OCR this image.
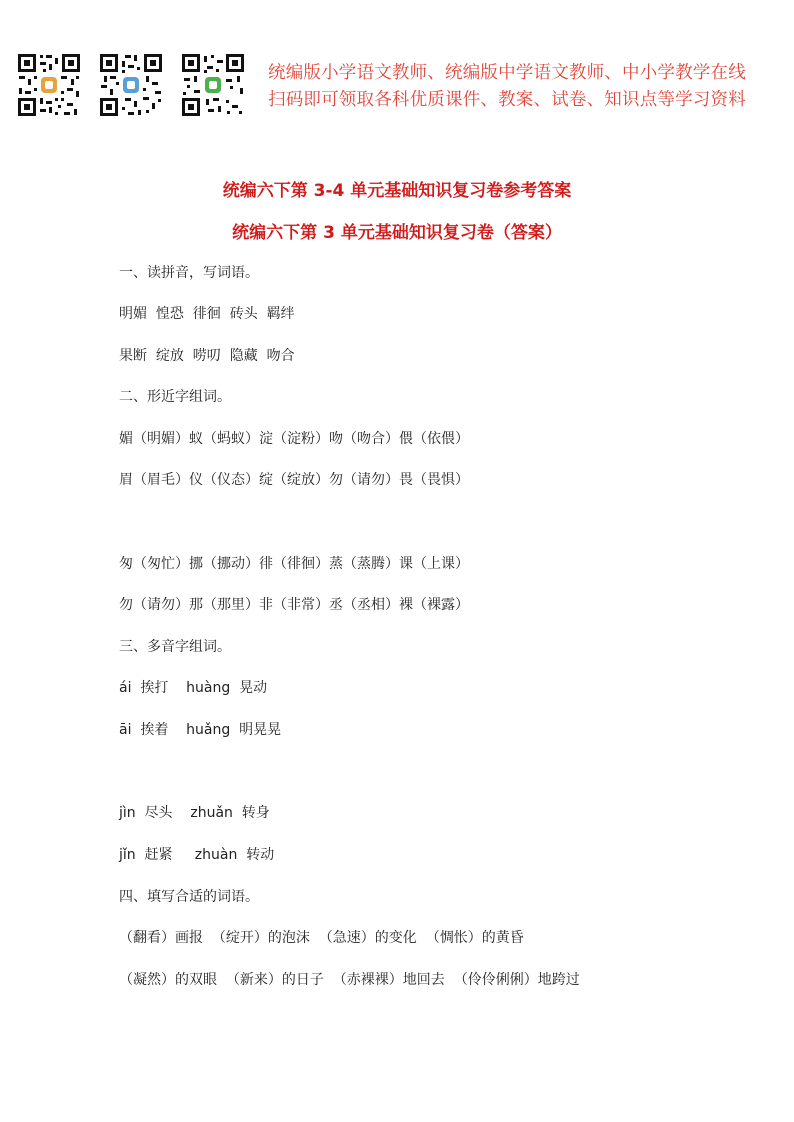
统编版小学语文教师、统编版中学语文教师、中小学教学在线
扫码即可领取各科优质课件、教案、试卷、知识点等学习资料
统编六下第 3-4 单元基础知识复习卷参考答案
统编六下第 3 单元基础知识复习卷（答案）
一、读拼音，写词语。
明媚  惶恐  徘徊  砖头  羁绊
果断  绽放  唠叨  隐藏  吻合
二、形近字组词。
媚（明媚）蚁（蚂蚁）淀（淀粉）吻（吻合）偎（依偎）
眉（眉毛）仪（仪态）绽（绽放）勿（请勿）畏（畏惧）
匆（匆忙）挪（挪动）徘（徘徊）蒸（蒸腾）课（上课）
勿（请勿）那（那里）非（非常）丞（丞相）裸（裸露）
三、多音字组词。
ái  挨打    huàng  晃动
āi  挨着    huǎng  明晃晃
jìn  尽头    zhuǎn  转身
jǐn  赶紧     zhuàn  转动
四、填写合适的词语。
（翻看）画报  （绽开）的泡沫  （急速）的变化  （惆怅）的黄昏
（凝然）的双眼  （新来）的日子  （赤裸裸）地回去  （伶伶俐俐）地跨过
